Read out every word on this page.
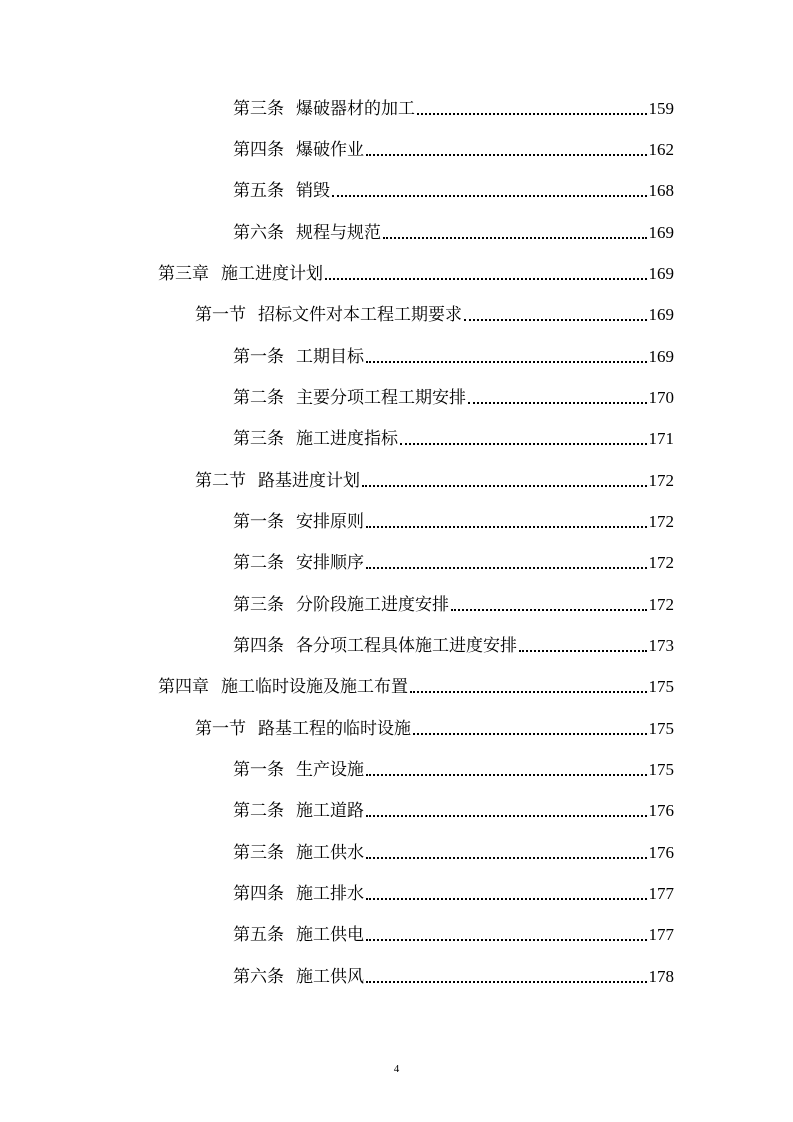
第三条 爆破器材的加工	159
第四条 爆破作业	162
第五条 销毁	168
第六条 规程与规范	169
第三章 施工进度计划	169
第一节 招标文件对本工程工期要求	169
第一条 工期目标	169
第二条 主要分项工程工期安排	170
第三条 施工进度指标	171
第二节 路基进度计划	172
第一条 安排原则	172
第二条 安排顺序	172
第三条 分阶段施工进度安排	172
第四条 各分项工程具体施工进度安排	173
第四章 施工临时设施及施工布置	175
第一节 路基工程的临时设施	175
第一条 生产设施	175
第二条 施工道路	176
第三条 施工供水	176
第四条 施工排水	177
第五条 施工供电	177
第六条 施工供风	178
4
